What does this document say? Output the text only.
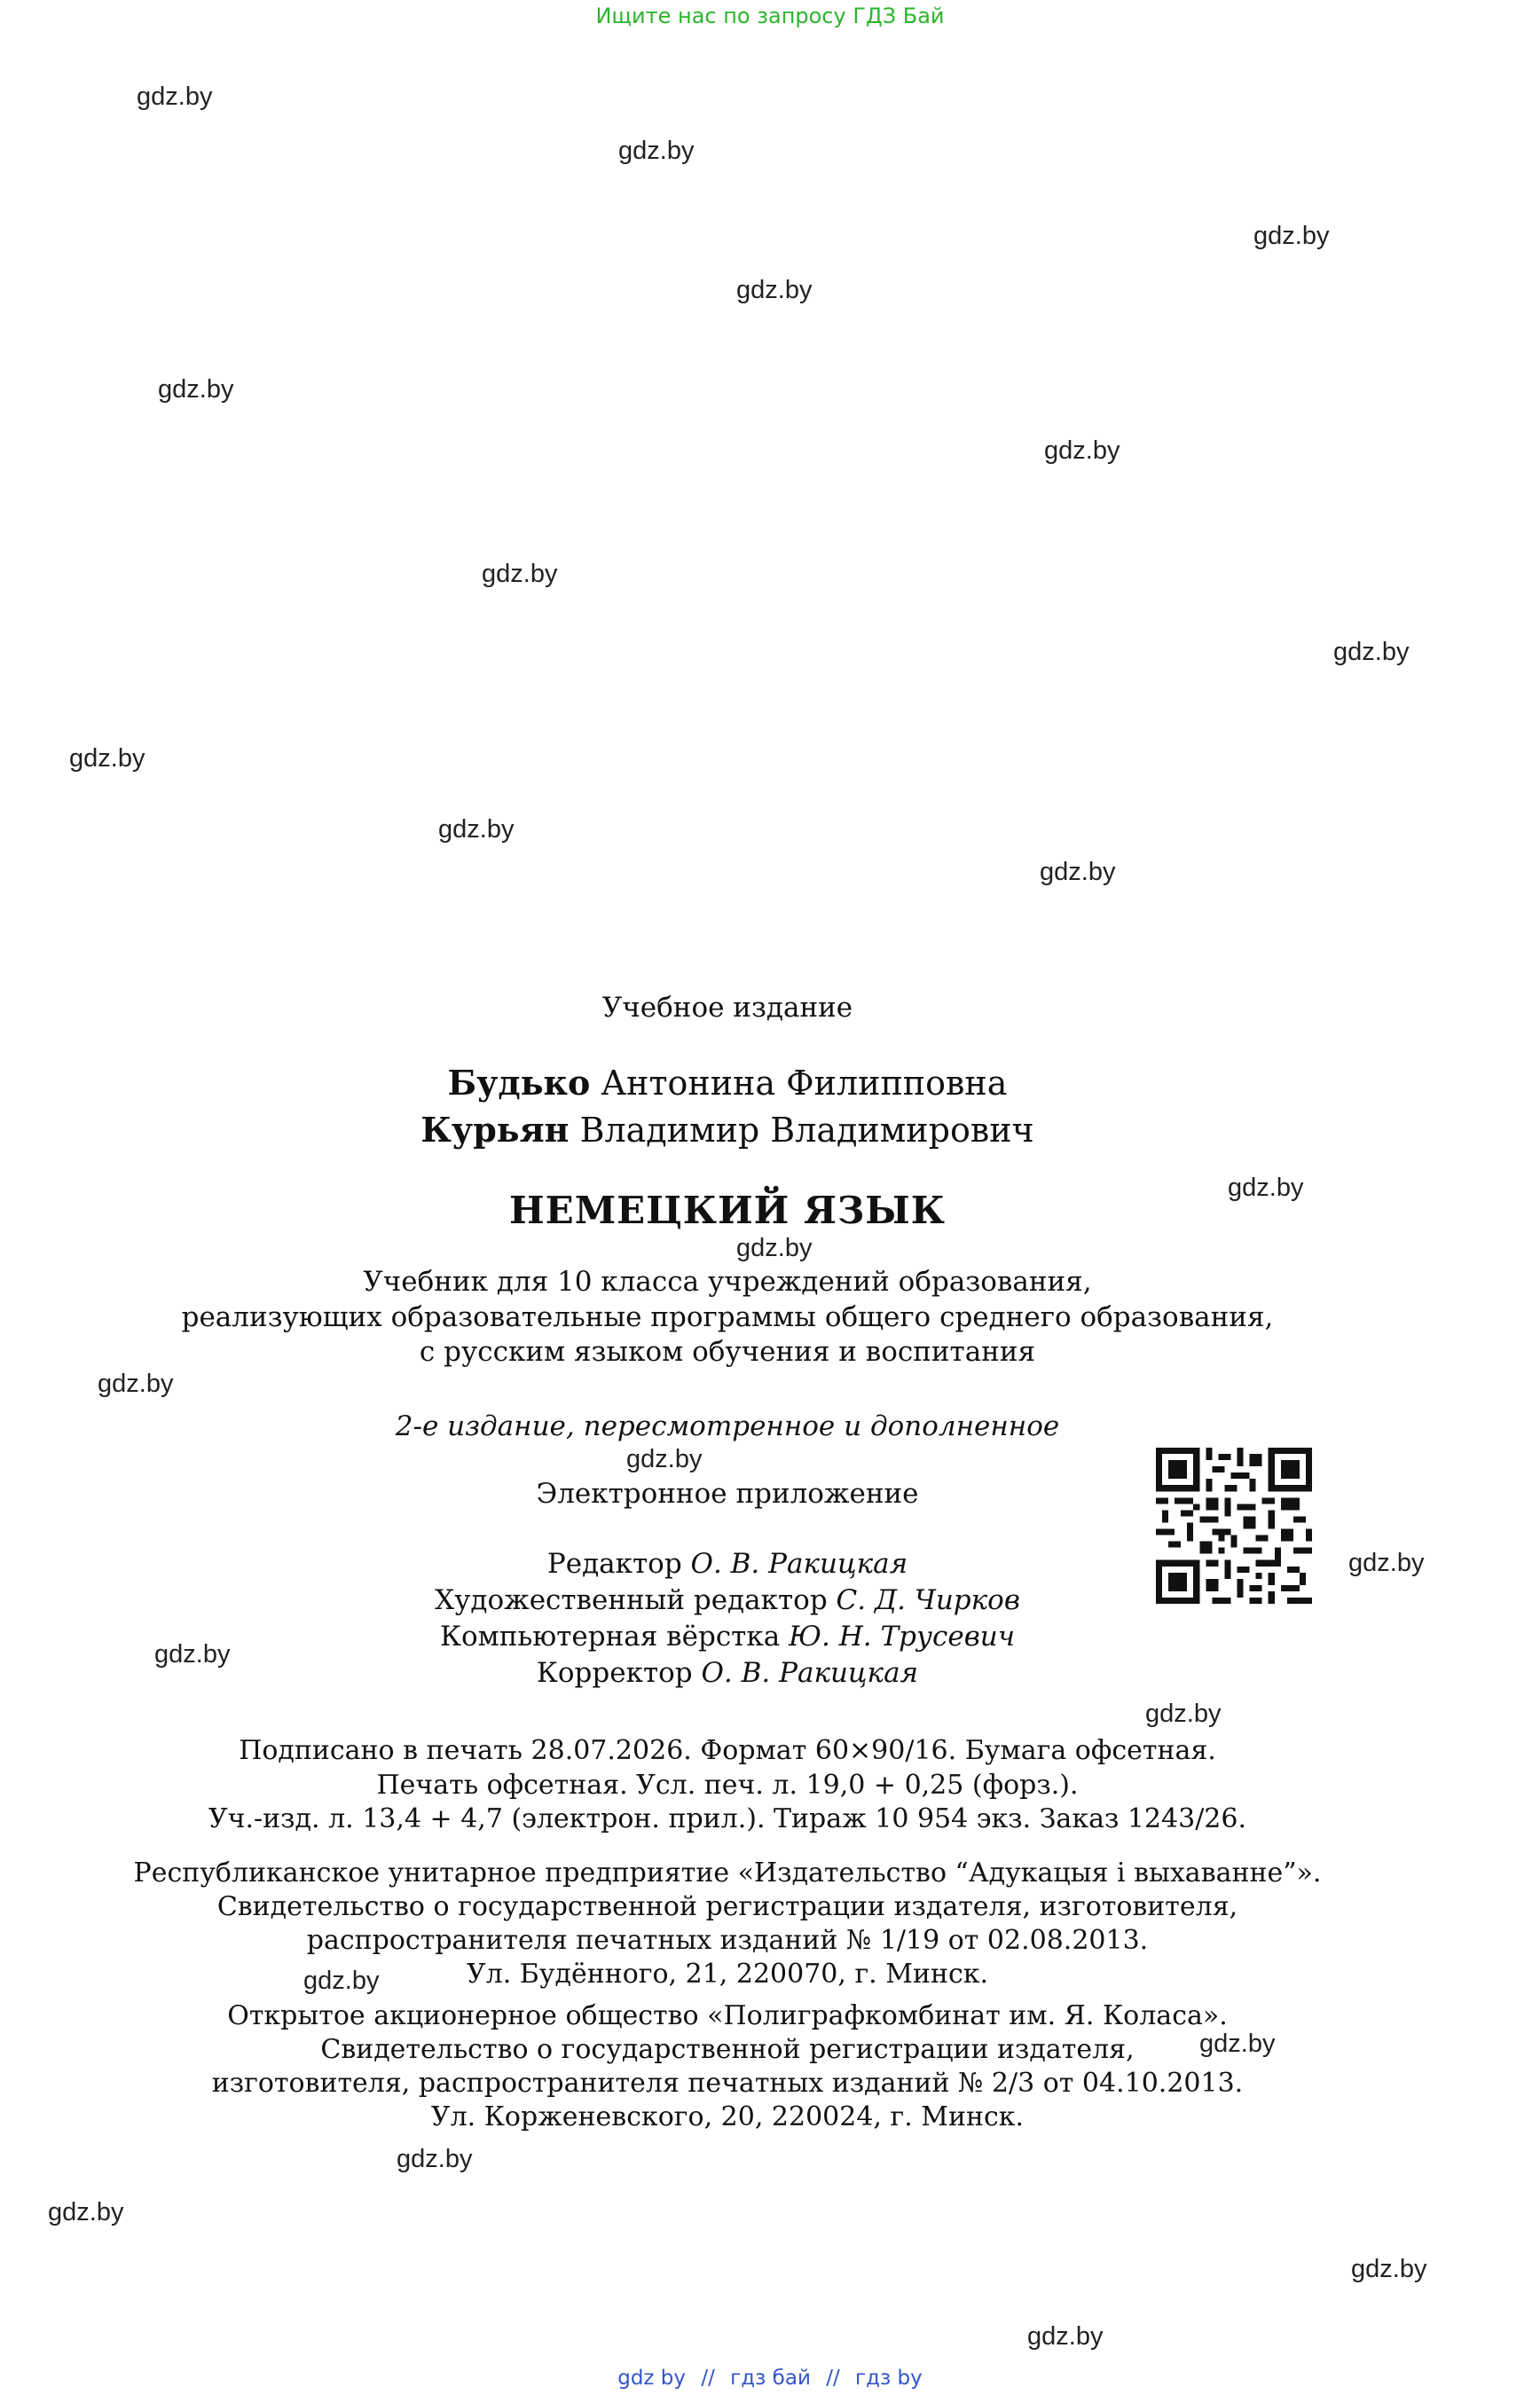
Ищите нас по запросу ГДЗ Бай
gdz.by
gdz.by
gdz.by
gdz.by
gdz.by
gdz.by
gdz.by
gdz.by
gdz.by
gdz.by
gdz.by
gdz.by
gdz.by
gdz.by
gdz.by
gdz.by
gdz.by
gdz.by
gdz.by
gdz.by
gdz.by
gdz.by
gdz.by
gdz.by
Учебное издание
Будько Антонина Филипповна
Курьян Владимир Владимирович
НЕМЕЦКИЙ ЯЗЫК
Учебник для 10 класса учреждений образования,
реализующих образовательные программы общего среднего образования,
с русским языком обучения и воспитания
2-е издание, пересмотренное и дополненное
Электронное приложение
Редактор О. В. Ракицкая
Художественный редактор С. Д. Чирков
Компьютерная вёрстка Ю. Н. Трусевич
Корректор О. В. Ракицкая
Подписано в печать 28.07.2026. Формат 60×90/16. Бумага офсетная.
Печать офсетная. Усл. печ. л. 19,0 + 0,25 (форз.).
Уч.-изд. л. 13,4 + 4,7 (электрон. прил.). Тираж 10 954 экз. Заказ 1243/26.
Республиканское унитарное предприятие «Издательство “Адукацыя і выхаванне”».
Свидетельство о государственной регистрации издателя, изготовителя,
распространителя печатных изданий № 1/19 от 02.08.2013.
Ул. Будённого, 21, 220070, г. Минск.
Открытое акционерное общество «Полиграфкомбинат им. Я. Коласа».
Свидетельство о государственной регистрации издателя,
изготовителя, распространителя печатных изданий № 2/3 от 04.10.2013.
Ул. Корженевского, 20, 220024, г. Минск.
gdz by // гдз бай // гдз by
